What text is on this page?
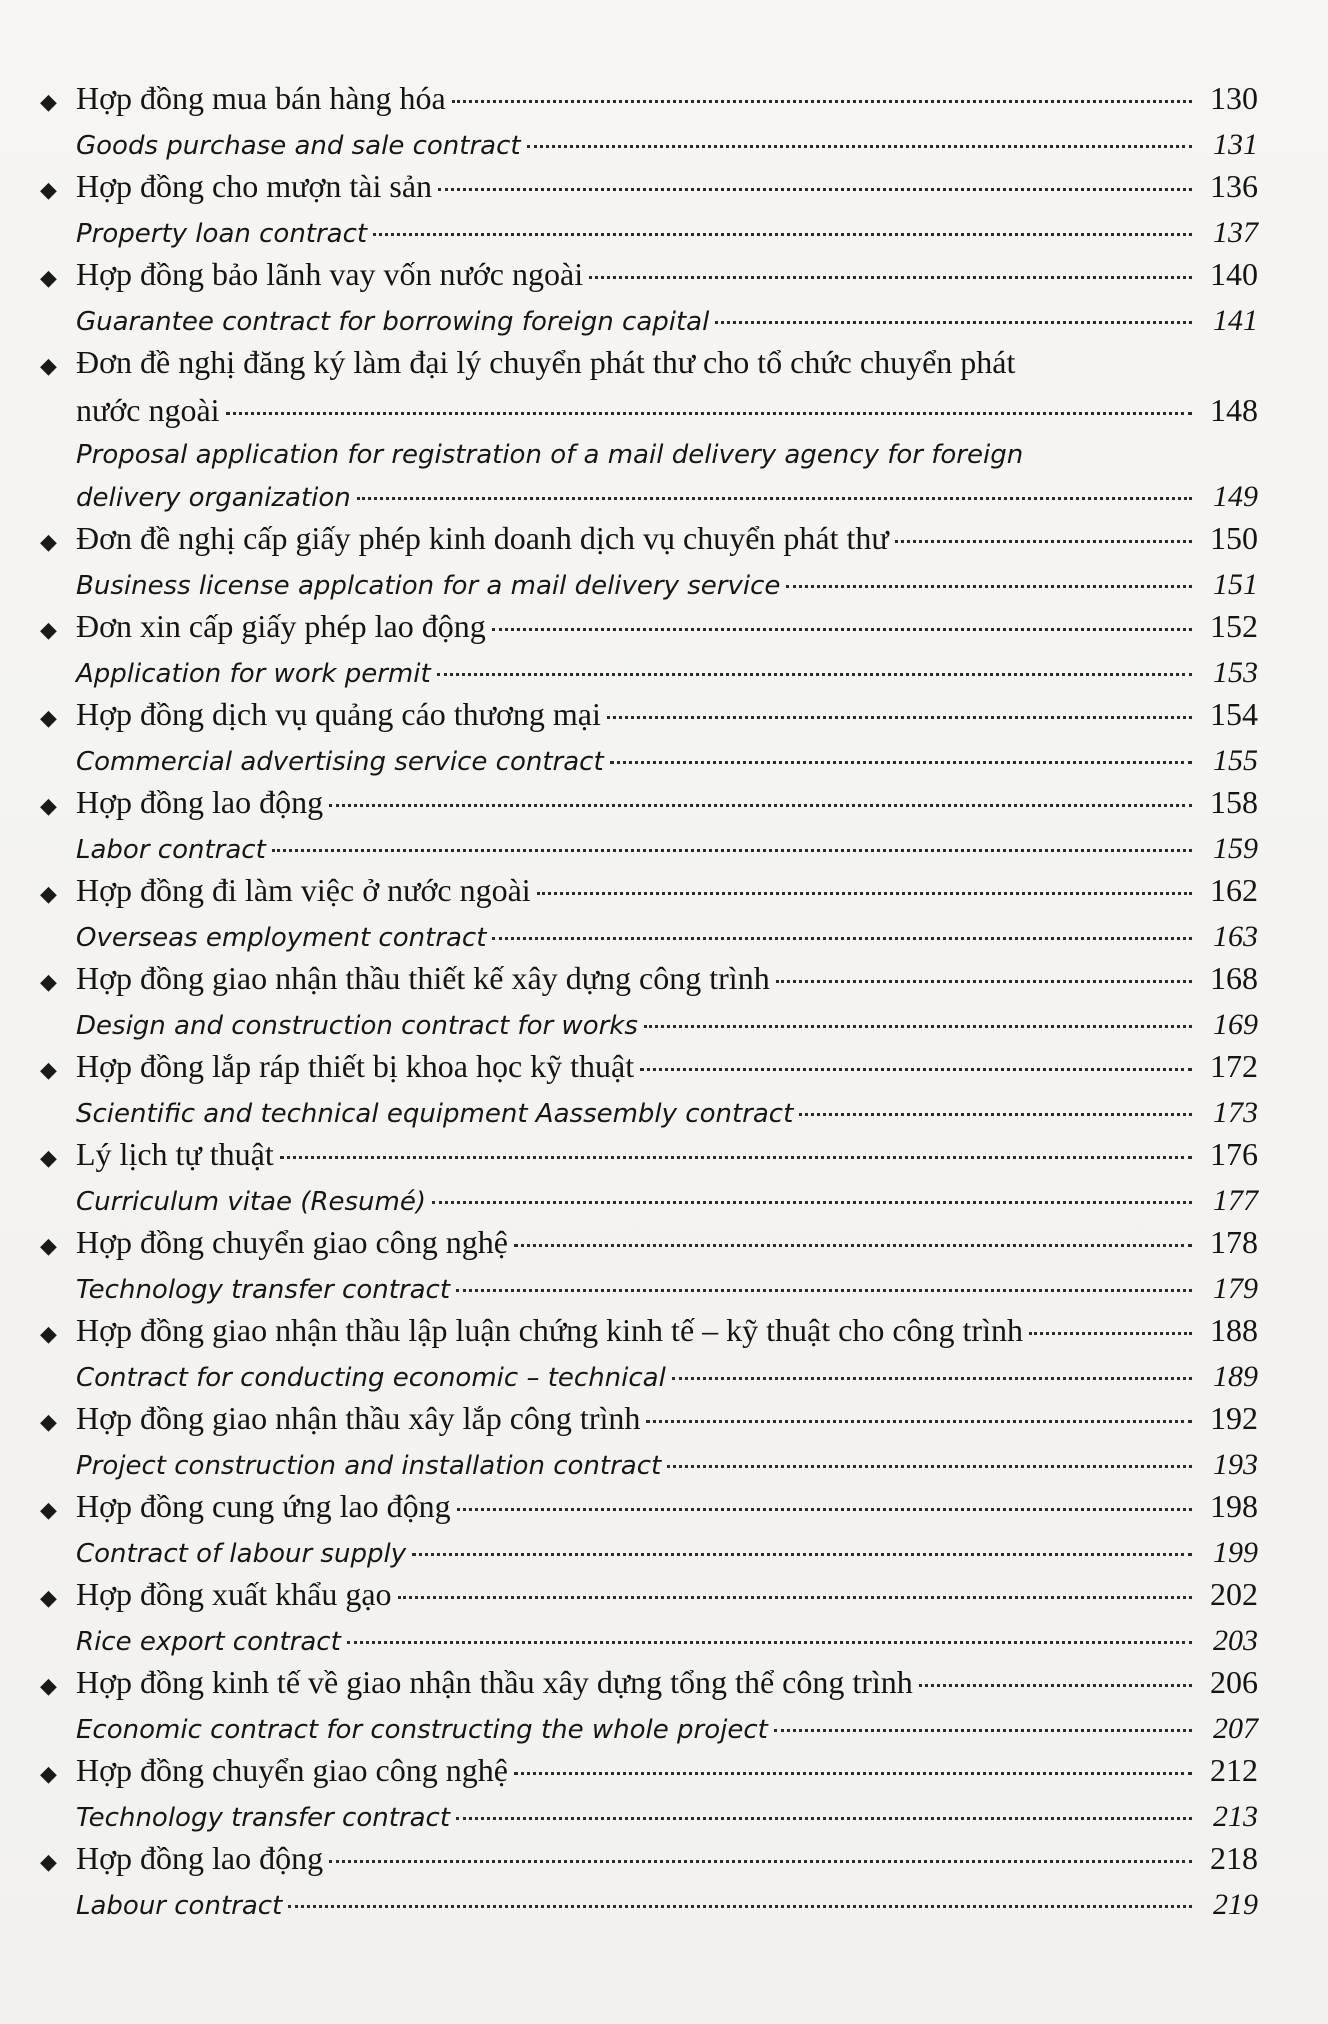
◆ Hợp đồng mua bán hàng hóa	130
Goods purchase and sale contract	131
◆ Hợp đồng cho mượn tài sản	136
Property loan contract	137
◆ Hợp đồng bảo lãnh vay vốn nước ngoài	140
Guarantee contract for borrowing foreign capital	141
◆ Đơn đề nghị đăng ký làm đại lý chuyển phát thư cho tổ chức chuyển phát
nước ngoài	148
Proposal application for registration of a mail delivery agency for foreign
delivery organization	149
◆ Đơn đề nghị cấp giấy phép kinh doanh dịch vụ chuyển phát thư	150
Business license applcation for a mail delivery service	151
◆ Đơn xin cấp giấy phép lao động	152
Application for work permit	153
◆ Hợp đồng dịch vụ quảng cáo thương mại	154
Commercial advertising service contract	155
◆ Hợp đồng lao động	158
Labor contract	159
◆ Hợp đồng đi làm việc ở nước ngoài	162
Overseas employment contract	163
◆ Hợp đồng giao nhận thầu thiết kế xây dựng công trình	168
Design and construction contract for works	169
◆ Hợp đồng lắp ráp thiết bị khoa học kỹ thuật	172
Scientific and technical equipment Aassembly contract	173
◆ Lý lịch tự thuật	176
Curriculum vitae (Resumé)	177
◆ Hợp đồng chuyển giao công nghệ	178
Technology transfer contract	179
◆ Hợp đồng giao nhận thầu lập luận chứng kinh tế – kỹ thuật cho công trình	188
Contract for conducting economic – technical	189
◆ Hợp đồng giao nhận thầu xây lắp công trình	192
Project construction and installation contract	193
◆ Hợp đồng cung ứng lao động	198
Contract of labour supply	199
◆ Hợp đồng xuất khẩu gạo	202
Rice export contract	203
◆ Hợp đồng kinh tế về giao nhận thầu xây dựng tổng thể công trình	206
Economic contract for constructing the whole project	207
◆ Hợp đồng chuyển giao công nghệ	212
Technology transfer contract	213
◆ Hợp đồng lao động	218
Labour contract	219
